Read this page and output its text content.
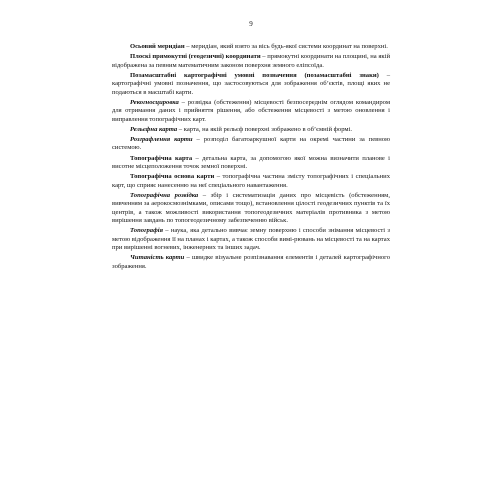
9

Осьовий меридіан – меридіан, який взято за вісь будь-якої системи координат на поверхні.

Плоскі прямокутні (геодезичні) координати – прямокутні координати на площині, на якій відображена за певним математичним законом поверхня земного еліпсоїда.

Позамасштабні картографічні умовні позначення (позамасштабні знаки) – картографічні умовні позначення, що застосовуються для зображення об’єктів, площі яких не подаються в масштабі карти.

Рекогносцировка – розвідка (обстеження) місцевості безпосереднім оглядом командиром для отримання даних і прийняття рішення, або обстеження місцевості з метою оновлення і виправлення топографічних карт.

Рельєфна карта – карта, на якій рельєф поверхні зображено в об’ємній формі.

Розграфлення карти – розподіл багатоаркушної карти на окремі частини за певною системою.

Топографічна карта – детальна карта, за допомогою якої можна визначити планове і висотне місцеположення точок земної поверхні.

Топографічна основа карти – топографічна частина змісту топографічних і спеціальних карт, що сприяє нанесенню на неї спеціального навантаження.

Топографічна розвідка – збір і систематизація даних про місцевість (обстеженням, вивченням за аерокосмознімками, описами тощо), встановлення цілості геодезичних пунктів та їх центрів, а також можливості використання топогеодезичних матеріалів противника з метою вирішення завдань по топогеодезичному забезпеченню військ.

Топографія – наука, яка детально вивчає земну поверхню і способи знімання місцевості з метою відображення її на планах і картах, а також способи вимі-рювань на місцевості та на картах при вирішенні вогневих, інженерних та інших задач.

Читаність карти – швидке візуальне розпізнавання елементів і деталей картографічного зображення.
